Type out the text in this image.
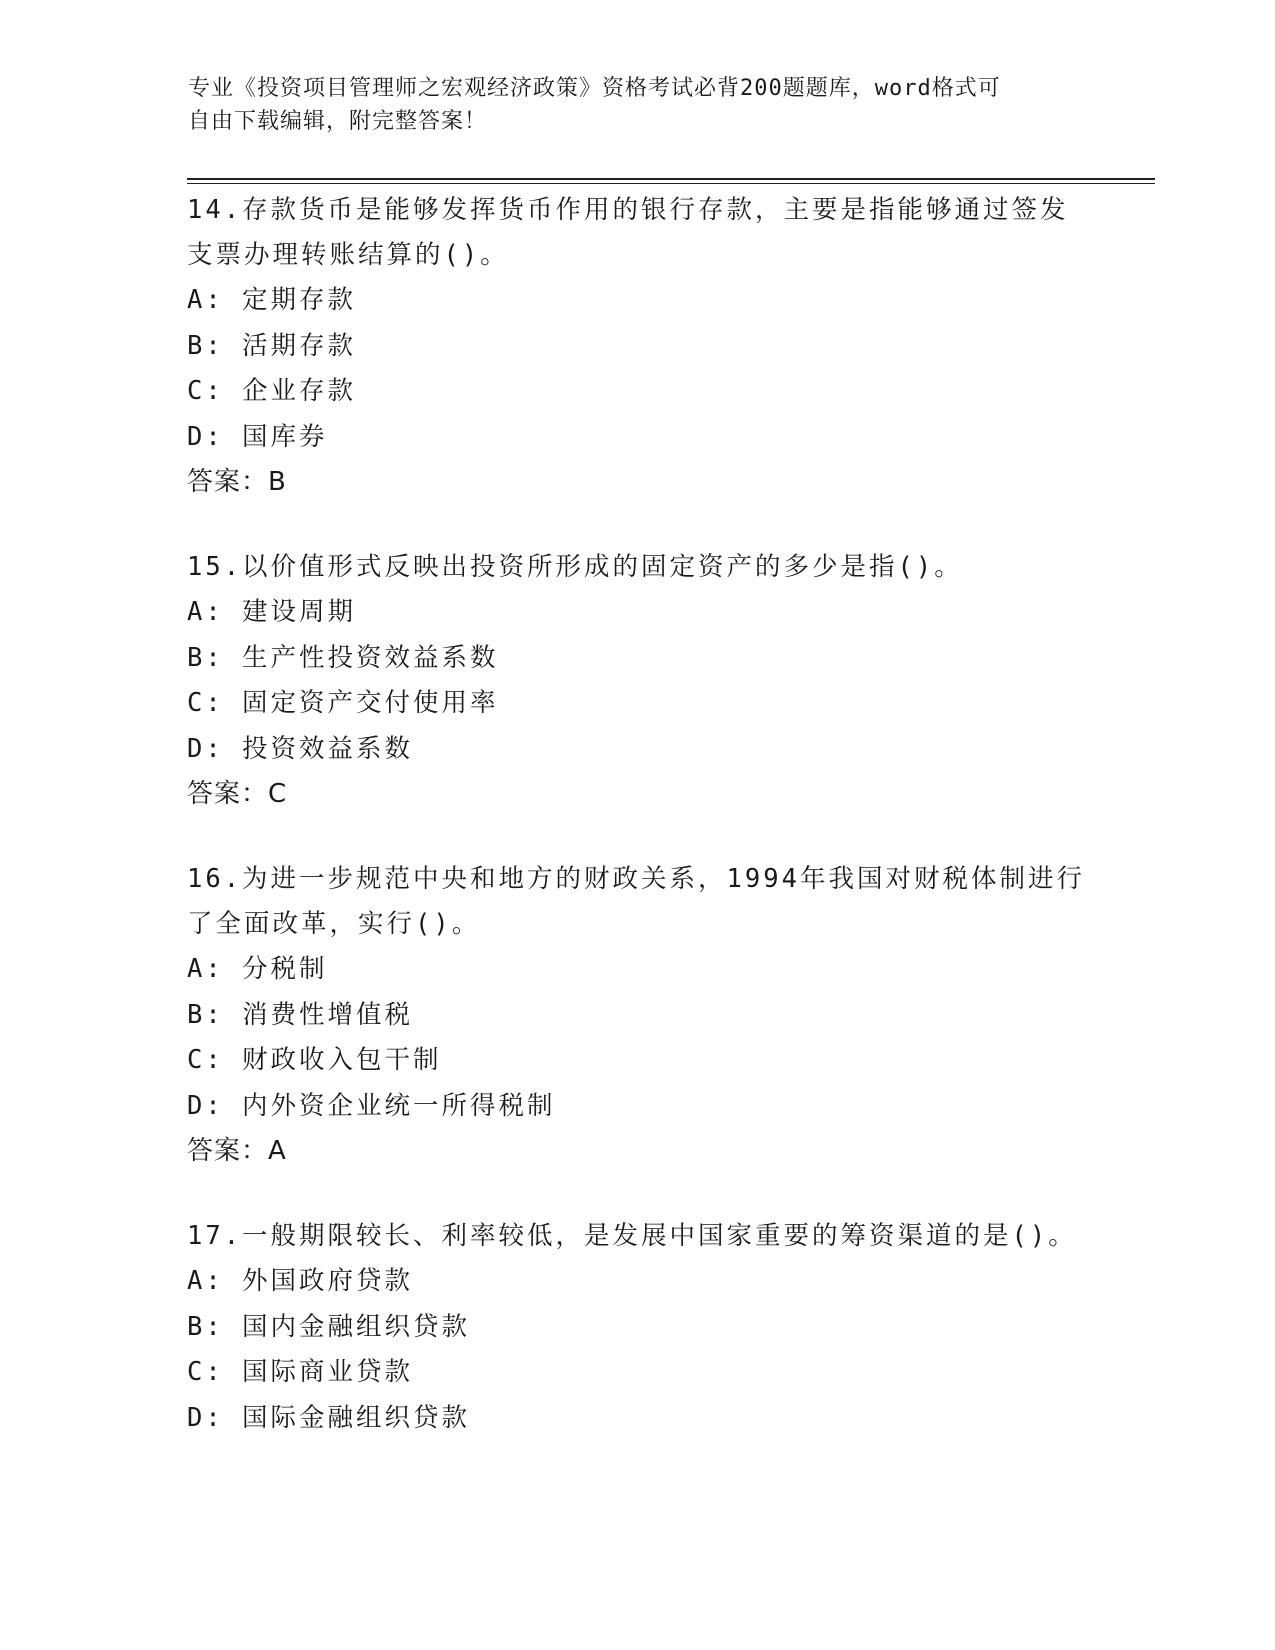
专业《投资项目管理师之宏观经济政策》资格考试必背200题题库，word格式可
自由下载编辑，附完整答案！
14.存款货币是能够发挥货币作用的银行存款，主要是指能够通过签发
支票办理转账结算的()。
A: 定期存款
B: 活期存款
C: 企业存款
D: 国库券
答案：B
15.以价值形式反映出投资所形成的固定资产的多少是指()。
A: 建设周期
B: 生产性投资效益系数
C: 固定资产交付使用率
D: 投资效益系数
答案：C
16.为进一步规范中央和地方的财政关系，1994年我国对财税体制进行
了全面改革，实行()。
A: 分税制
B: 消费性增值税
C: 财政收入包干制
D: 内外资企业统一所得税制
答案：A
17.一般期限较长、利率较低，是发展中国家重要的筹资渠道的是()。
A: 外国政府贷款
B: 国内金融组织贷款
C: 国际商业贷款
D: 国际金融组织贷款
